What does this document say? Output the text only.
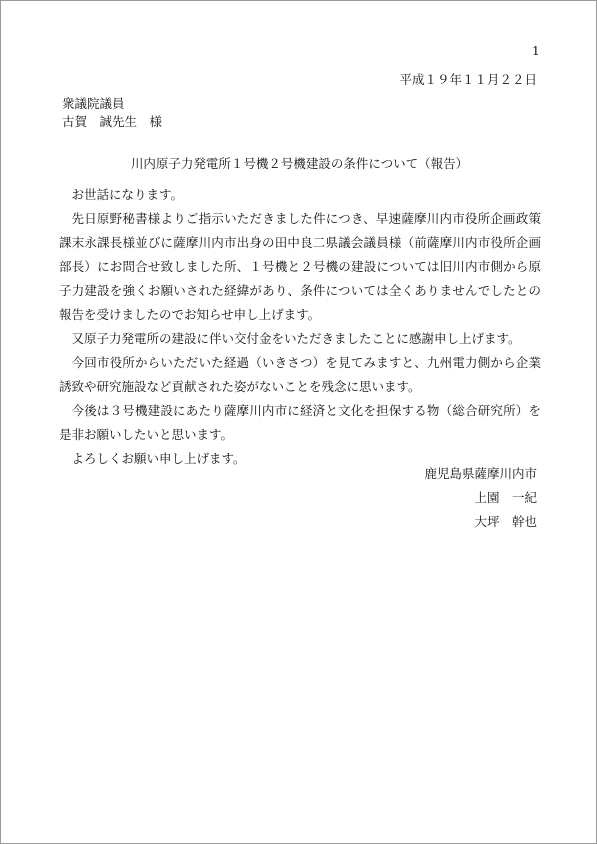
1
平成１９年１１月２２日
衆議院議員
古賀　誠先生　様
川内原子力発電所１号機２号機建設の条件について（報告）

お世話になります。

先日原野秘書様よりご指示いただきました件につき、早速薩摩川内市役所企画政策課末永課長様並びに薩摩川内市出身の田中良二県議会議員様（前薩摩川内市役所企画部長）にお問合せ致しました所、１号機と２号機の建設については旧川内市側から原子力建設を強くお願いされた経緯があり、条件については全くありませんでしたとの報告を受けましたのでお知らせ申し上げます。

又原子力発電所の建設に伴い交付金をいただきましたことに感謝申し上げます。

今回市役所からいただいた経過（いきさつ）を見てみますと、九州電力側から企業誘致や研究施設など貢献された姿がないことを残念に思います。

今後は３号機建設にあたり薩摩川内市に経済と文化を担保する物（総合研究所）を是非お願いしたいと思います。

よろしくお願い申し上げます。

鹿児島県薩摩川内市
上園　一紀
大坪　幹也
